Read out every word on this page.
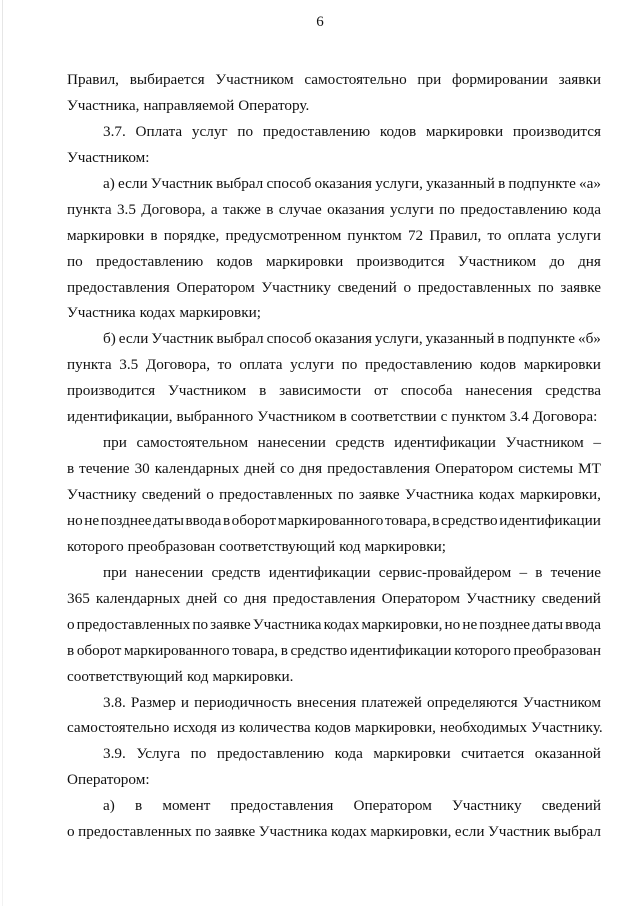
6
Правил, выбирается Участником самостоятельно при формировании заявки
Участника, направляемой Оператору.
3.7. Оплата услуг по предоставлению кодов маркировки производится
Участником:
а) если Участник выбрал способ оказания услуги, указанный в подпункте «а»
пункта 3.5 Договора, а также в случае оказания услуги по предоставлению кода
маркировки в порядке, предусмотренном пунктом 72 Правил, то оплата услуги
по предоставлению кодов маркировки производится Участником до дня
предоставления Оператором Участнику сведений о предоставленных по заявке
Участника кодах маркировки;
б) если Участник выбрал способ оказания услуги, указанный в подпункте «б»
пункта 3.5 Договора, то оплата услуги по предоставлению кодов маркировки
производится Участником в зависимости от способа нанесения средства
идентификации, выбранного Участником в соответствии с пунктом 3.4 Договора:
при самостоятельном нанесении средств идентификации Участником –
в течение 30 календарных дней со дня предоставления Оператором системы МТ
Участнику сведений о предоставленных по заявке Участника кодах маркировки,
но не позднее даты ввода в оборот маркированного товара, в средство идентификации
которого преобразован соответствующий код маркировки;
при нанесении средств идентификации сервис-провайдером – в течение
365 календарных дней со дня предоставления Оператором Участнику сведений
о предоставленных по заявке Участника кодах маркировки, но не позднее даты ввода
в оборот маркированного товара, в средство идентификации которого преобразован
соответствующий код маркировки.
3.8. Размер и периодичность внесения платежей определяются Участником
самостоятельно исходя из количества кодов маркировки, необходимых Участнику.
3.9. Услуга по предоставлению кода маркировки считается оказанной
Оператором:
а) в момент предоставления Оператором Участнику сведений
о предоставленных по заявке Участника кодах маркировки, если Участник выбрал
